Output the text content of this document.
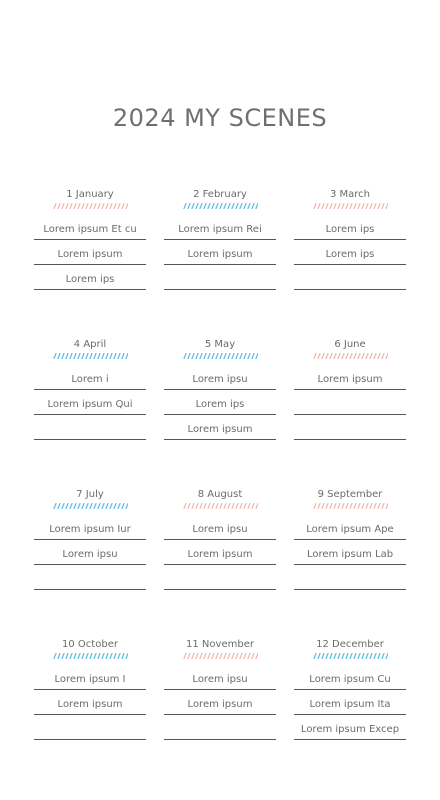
2024 MY SCENES
1 January
Lorem ipsum Et cu
Lorem ipsum
Lorem ips
2 February
Lorem ipsum Rei
Lorem ipsum
3 March
Lorem ips
Lorem ips
4 April
Lorem i
Lorem ipsum Qui
5 May
Lorem ipsu
Lorem ips
Lorem ipsum
6 June
Lorem ipsum
7 July
Lorem ipsum Iur
Lorem ipsu
8 August
Lorem ipsu
Lorem ipsum
9 September
Lorem ipsum Ape
Lorem ipsum Lab
10 October
Lorem ipsum I
Lorem ipsum
11 November
Lorem ipsu
Lorem ipsum
12 December
Lorem ipsum Cu
Lorem ipsum Ita
Lorem ipsum Excep
